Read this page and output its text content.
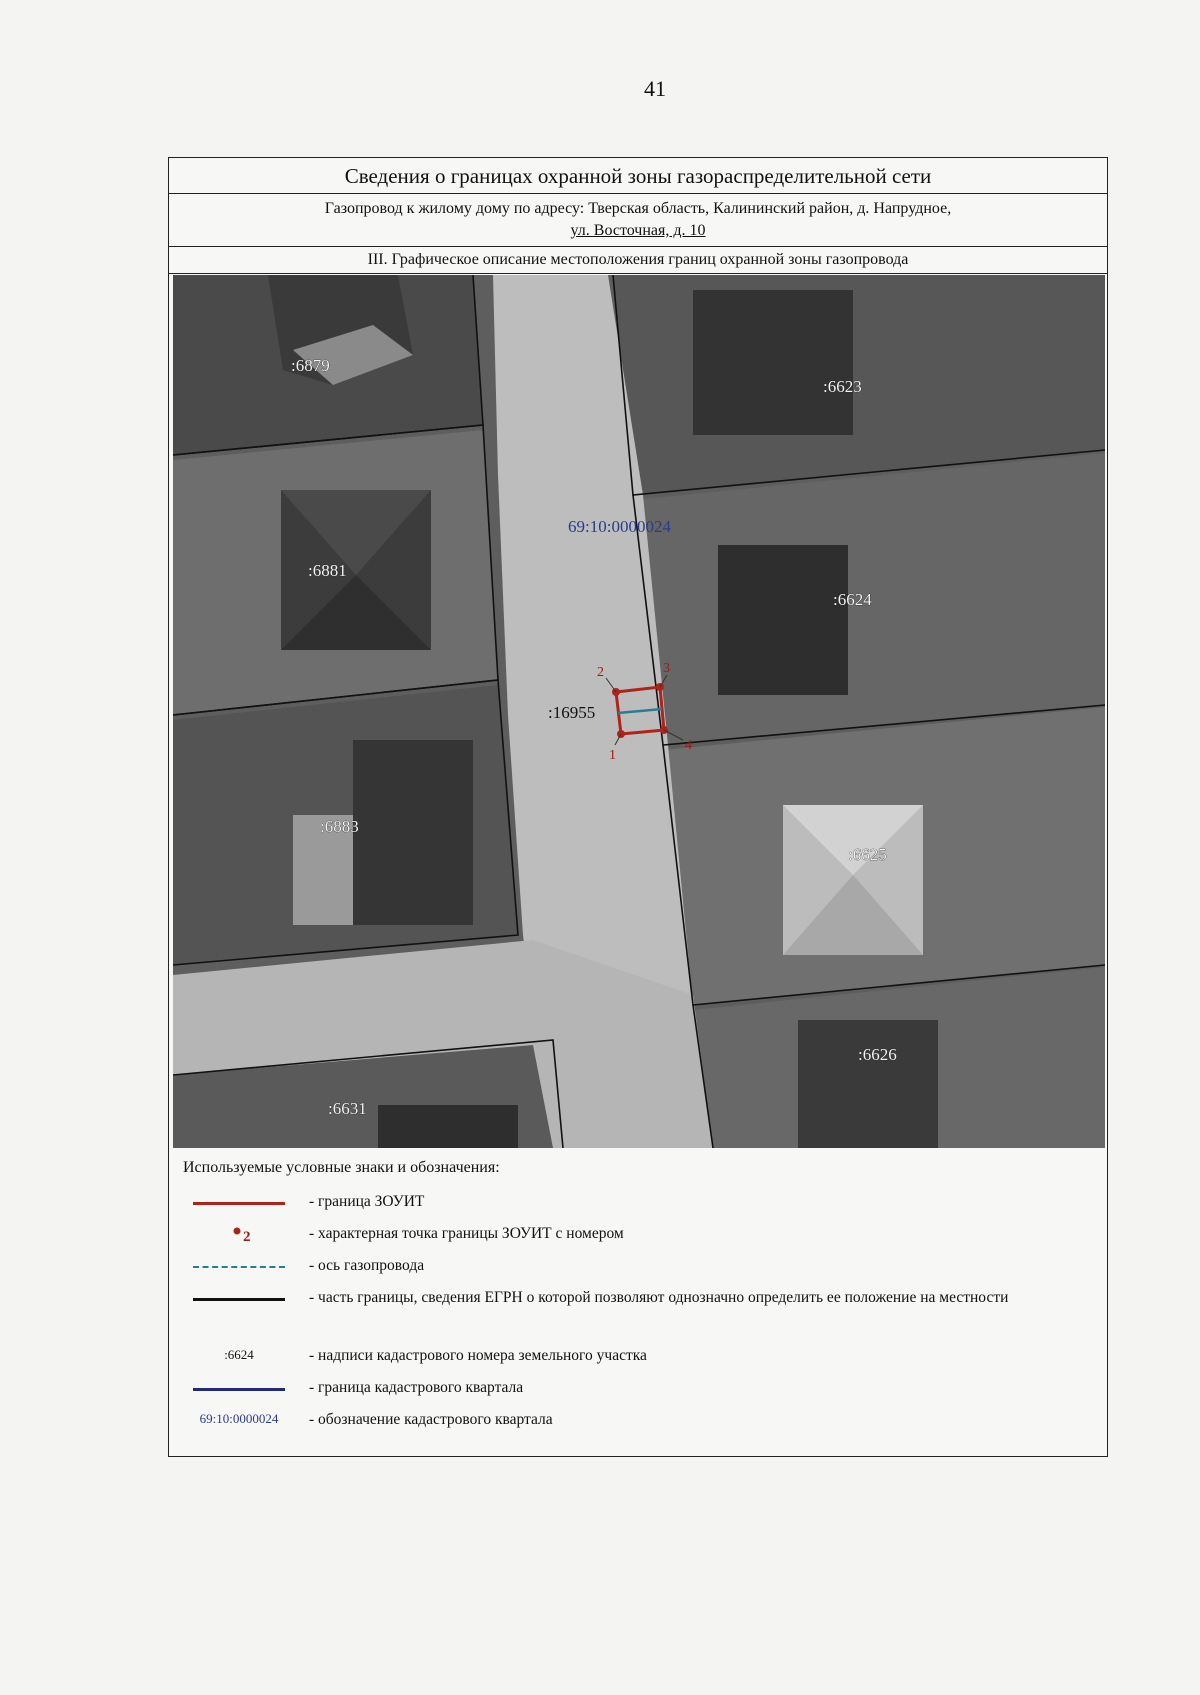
41
Сведения о границах охранной зоны газораспределительной сети
Газопровод к жилому дому по адресу: Тверская область, Калининский район, д. Напрудное,
ул. Восточная, д. 10
III. Графическое описание местоположения границ охранной зоны газопровода
1
2	3
4
:16955
69:10:0000024
:6879
:6623
:6881
:6624
:6883
:6625
:6626
:6631
Используемые условные знаки и обозначения:
- граница ЗОУИТ
2	- характерная точка границы ЗОУИТ с номером
- ось газопровода
- часть границы, сведения ЕГРН о которой позволяют однозначно определить ее положение на местности
:6624	- надписи кадастрового номера земельного участка
- граница кадастрового квартала
69:10:0000024	- обозначение кадастрового квартала
